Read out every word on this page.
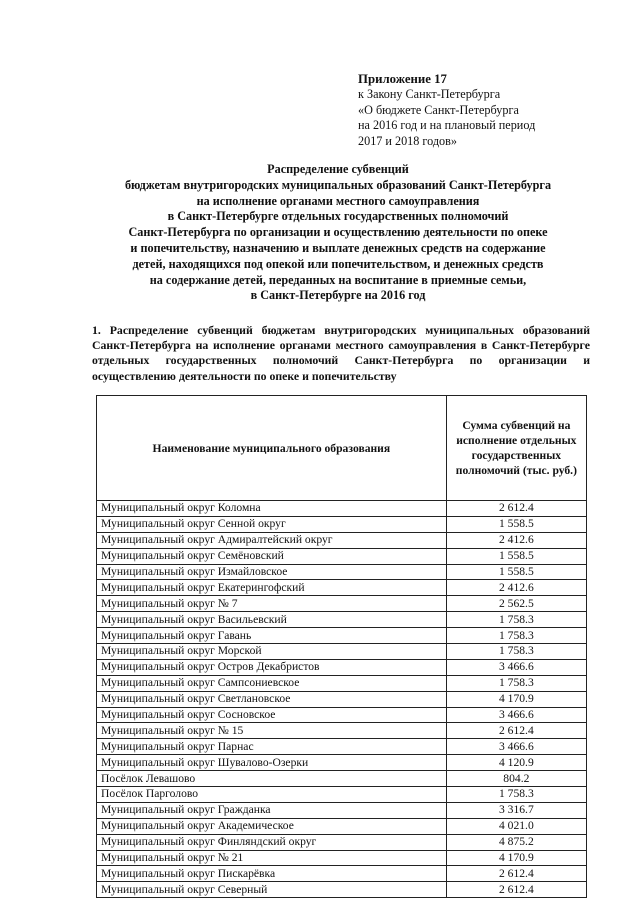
Приложение 17
к Закону Санкт-Петербурга
«О бюджете Санкт-Петербурга
на 2016 год и на плановый период
2017 и 2018 годов»
Распределение субвенций
бюджетам внутригородских муниципальных образований Санкт-Петербурга
на исполнение органами местного самоуправления
в Санкт-Петербурге отдельных государственных полномочий
Санкт-Петербурга по организации и осуществлению деятельности по опеке
и попечительству, назначению и выплате денежных средств на содержание
детей, находящихся под опекой или попечительством, и денежных средств
на содержание детей, переданных на воспитание в приемные семьи,
в Санкт-Петербурге на 2016 год
1. Распределение субвенций бюджетам внутригородских муниципальных образований Санкт-Петербурга на исполнение органами местного самоуправления в Санкт-Петербурге отдельных государственных полномочий Санкт-Петербурга по организации и осуществлению деятельности по опеке и попечительству
Наименование муниципального образования	Сумма субвенций на исполнение отдельных государственных полномочий (тыс. руб.)
Муниципальный округ Коломна	2 612.4
Муниципальный округ Сенной округ	1 558.5
Муниципальный округ Адмиралтейский округ	2 412.6
Муниципальный округ Семёновский	1 558.5
Муниципальный округ Измайловское	1 558.5
Муниципальный округ Екатерингофский	2 412.6
Муниципальный округ № 7	2 562.5
Муниципальный округ Васильевский	1 758.3
Муниципальный округ Гавань	1 758.3
Муниципальный округ Морской	1 758.3
Муниципальный округ Остров Декабристов	3 466.6
Муниципальный округ Сампсониевское	1 758.3
Муниципальный округ Светлановское	4 170.9
Муниципальный округ Сосновское	3 466.6
Муниципальный округ № 15	2 612.4
Муниципальный округ Парнас	3 466.6
Муниципальный округ Шувалово-Озерки	4 120.9
Посёлок Левашово	804.2
Посёлок Парголово	1 758.3
Муниципальный округ Гражданка	3 316.7
Муниципальный округ Академическое	4 021.0
Муниципальный округ Финляндский округ	4 875.2
Муниципальный округ № 21	4 170.9
Муниципальный округ Пискарёвка	2 612.4
Муниципальный округ Северный	2 612.4
